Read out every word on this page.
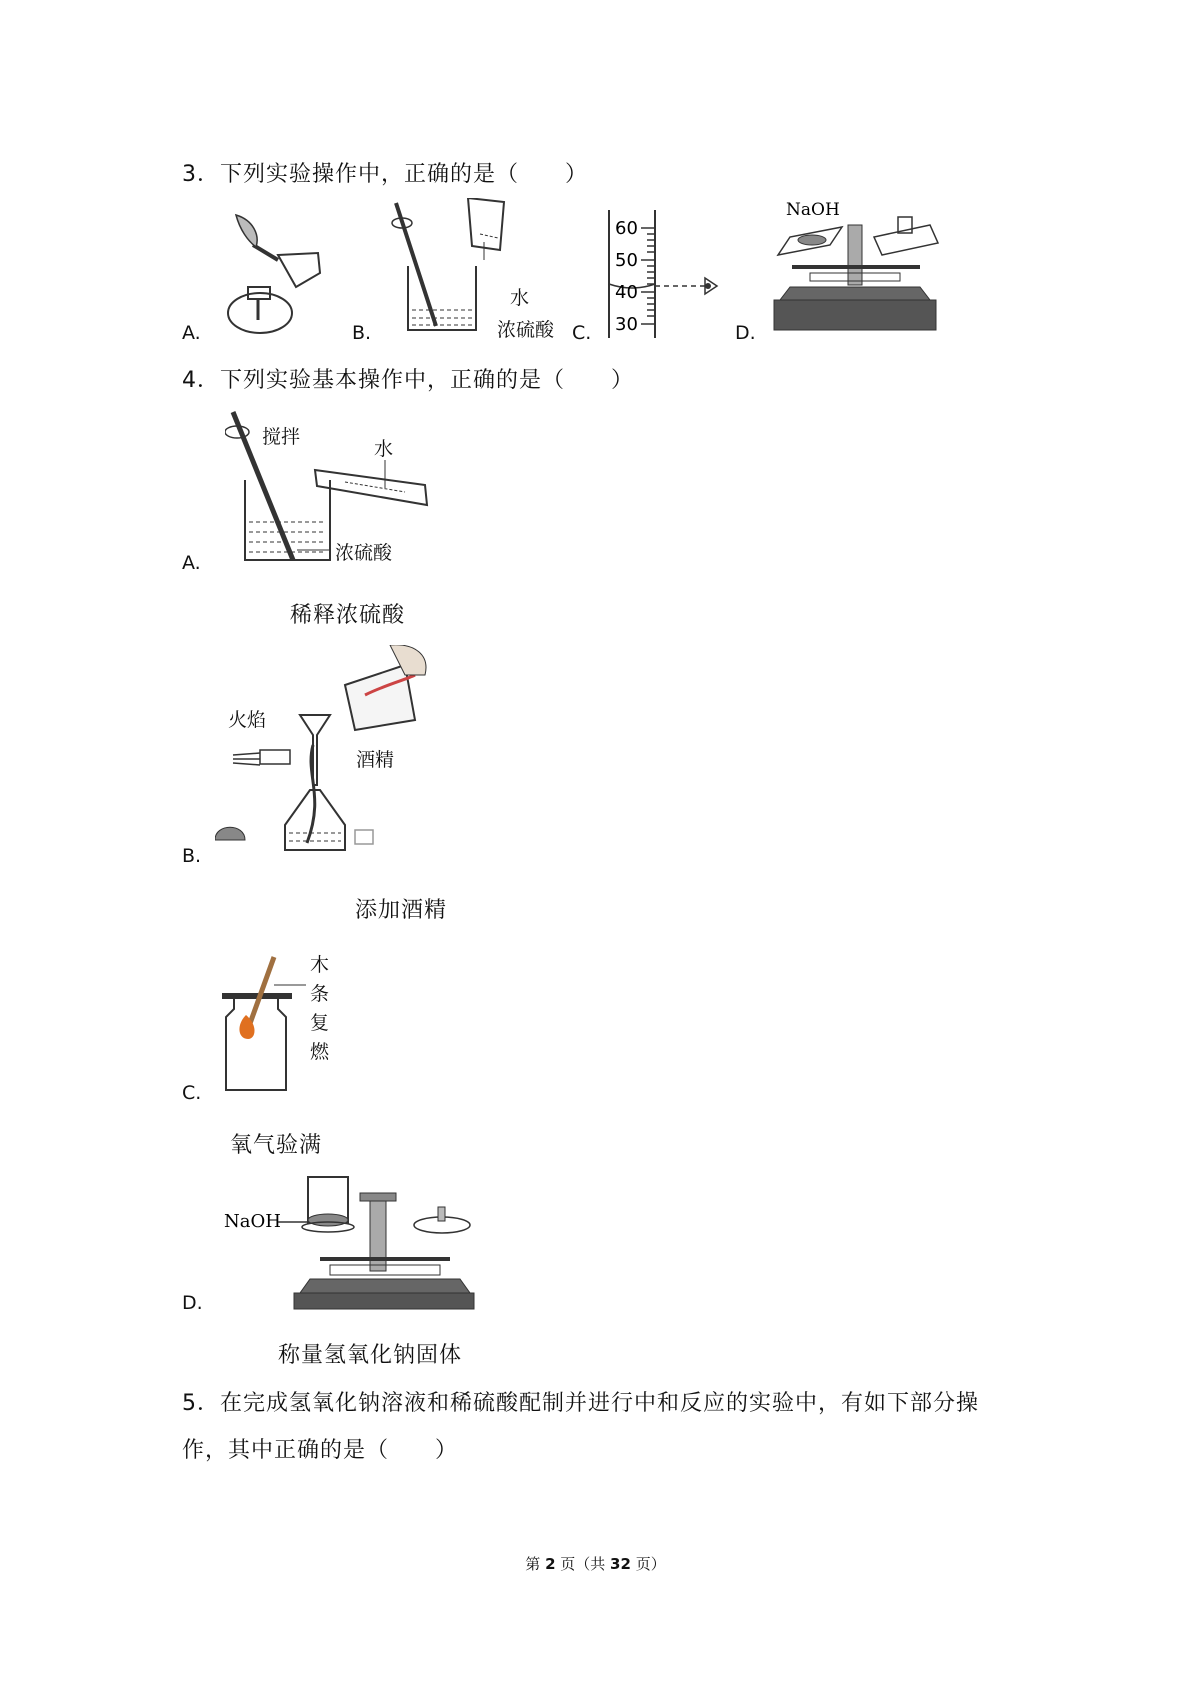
3．下列实验操作中，正确的是（　　）
A.	B.
水
浓硫酸 C.
60
50
40
30	D.
NaOH
4．下列实验基本操作中，正确的是（　　）
A.
搅拌
水
浓硫酸
稀释浓硫酸
B.
火焰
酒精
添加酒精
C.
木
条
复
燃
氧气验满
D.
NaOH
称量氢氧化钠固体
5．在完成氢氧化钠溶液和稀硫酸配制并进行中和反应的实验中，有如下部分操
作，其中正确的是（　　）
第 2 页（共 32 页）
